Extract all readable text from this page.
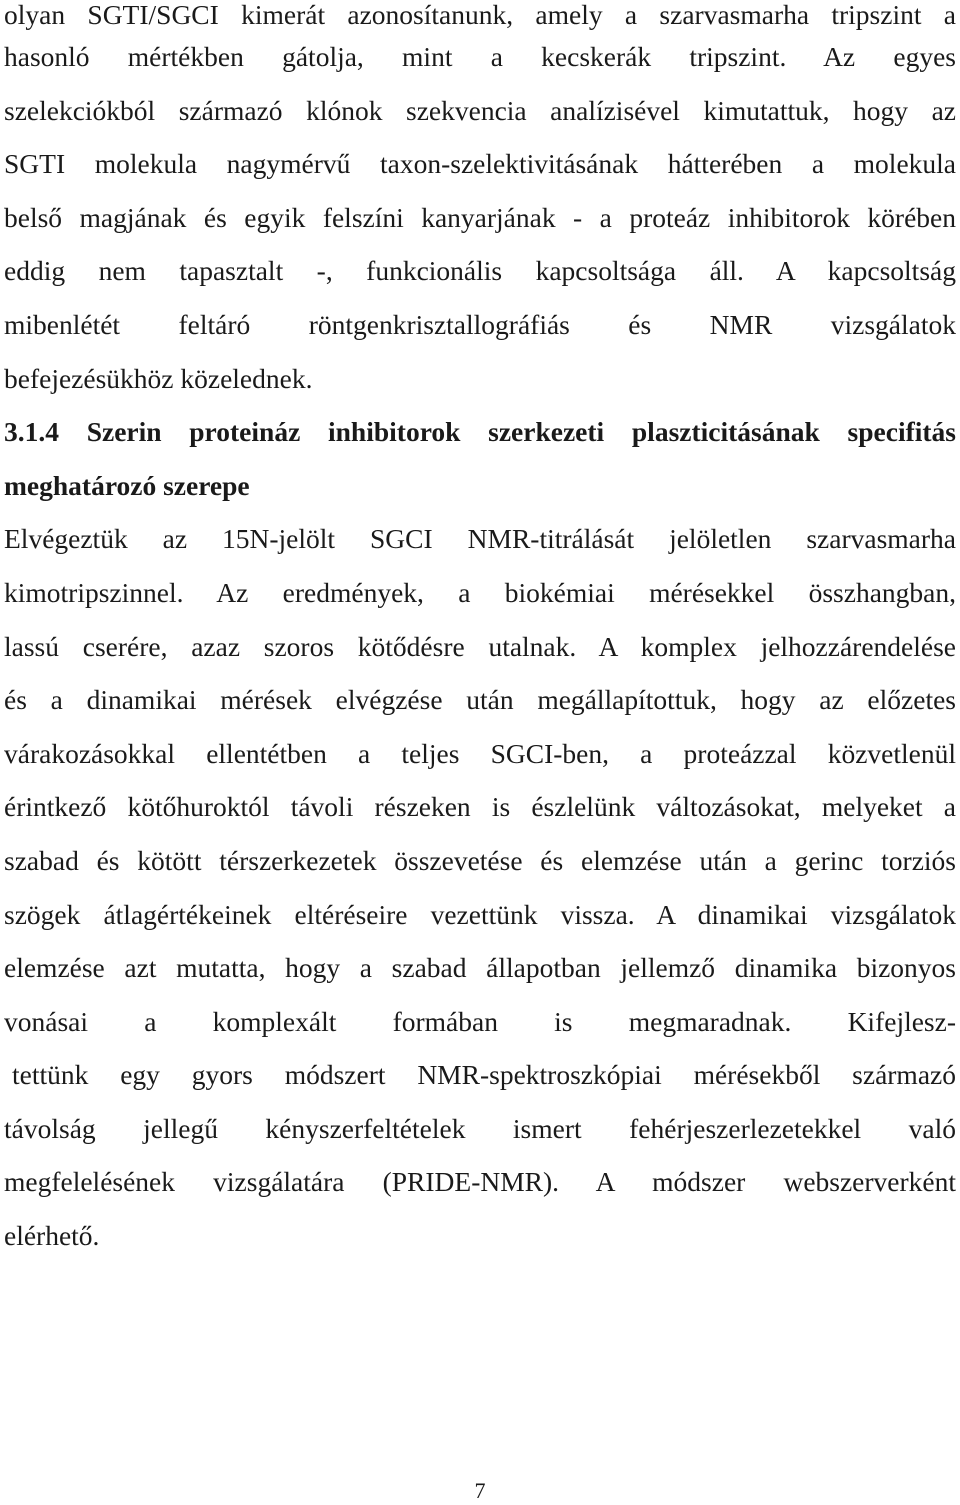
olyan SGTI/SGCI kimerát azonosítanunk, amely a szarvasmarha tripszint a
hasonló mértékben gátolja, mint a kecskerák tripszint. Az egyes
szelekciókból származó klónok szekvencia analízisével kimutattuk, hogy az
SGTI molekula nagymérvű taxon-szelektivitásának hátterében a molekula
belső magjának és egyik felszíni kanyarjának - a proteáz inhibitorok körében
eddig nem tapasztalt -, funkcionális kapcsoltsága áll. A kapcsoltság
mibenlétét feltáró röntgenkrisztallográfiás és NMR vizsgálatok
befejezésükhöz közelednek.
3.1.4 Szerin proteináz inhibitorok szerkezeti plaszticitásának specifitás
meghatározó szerepe
Elvégeztük az 15N-jelölt SGCI NMR-titrálását jelöletlen szarvasmarha
kimotripszinnel. Az eredmények, a biokémiai mérésekkel összhangban,
lassú cserére, azaz szoros kötődésre utalnak. A komplex jelhozzárendelése
és a dinamikai mérések elvégzése után megállapítottuk, hogy az előzetes
várakozásokkal ellentétben a teljes SGCI-ben, a proteázzal közvetlenül
érintkező kötőhuroktól távoli részeken is észlelünk változásokat, melyeket a
szabad és kötött térszerkezetek összevetése és elemzése után a gerinc torziós
szögek átlagértékeinek eltéréseire vezettünk vissza. A dinamikai vizsgálatok
elemzése azt mutatta, hogy a szabad állapotban jellemző dinamika bizonyos
vonásai a komplexált formában is megmaradnak. Kifejlesz-
tettünk egy gyors módszert NMR-spektroszkópiai mérésekből származó
távolság jellegű kényszerfeltételek ismert fehérjeszerlezetekkel való
megfelelésének vizsgálatára (PRIDE-NMR). A módszer webszerverként
elérhető.
7
